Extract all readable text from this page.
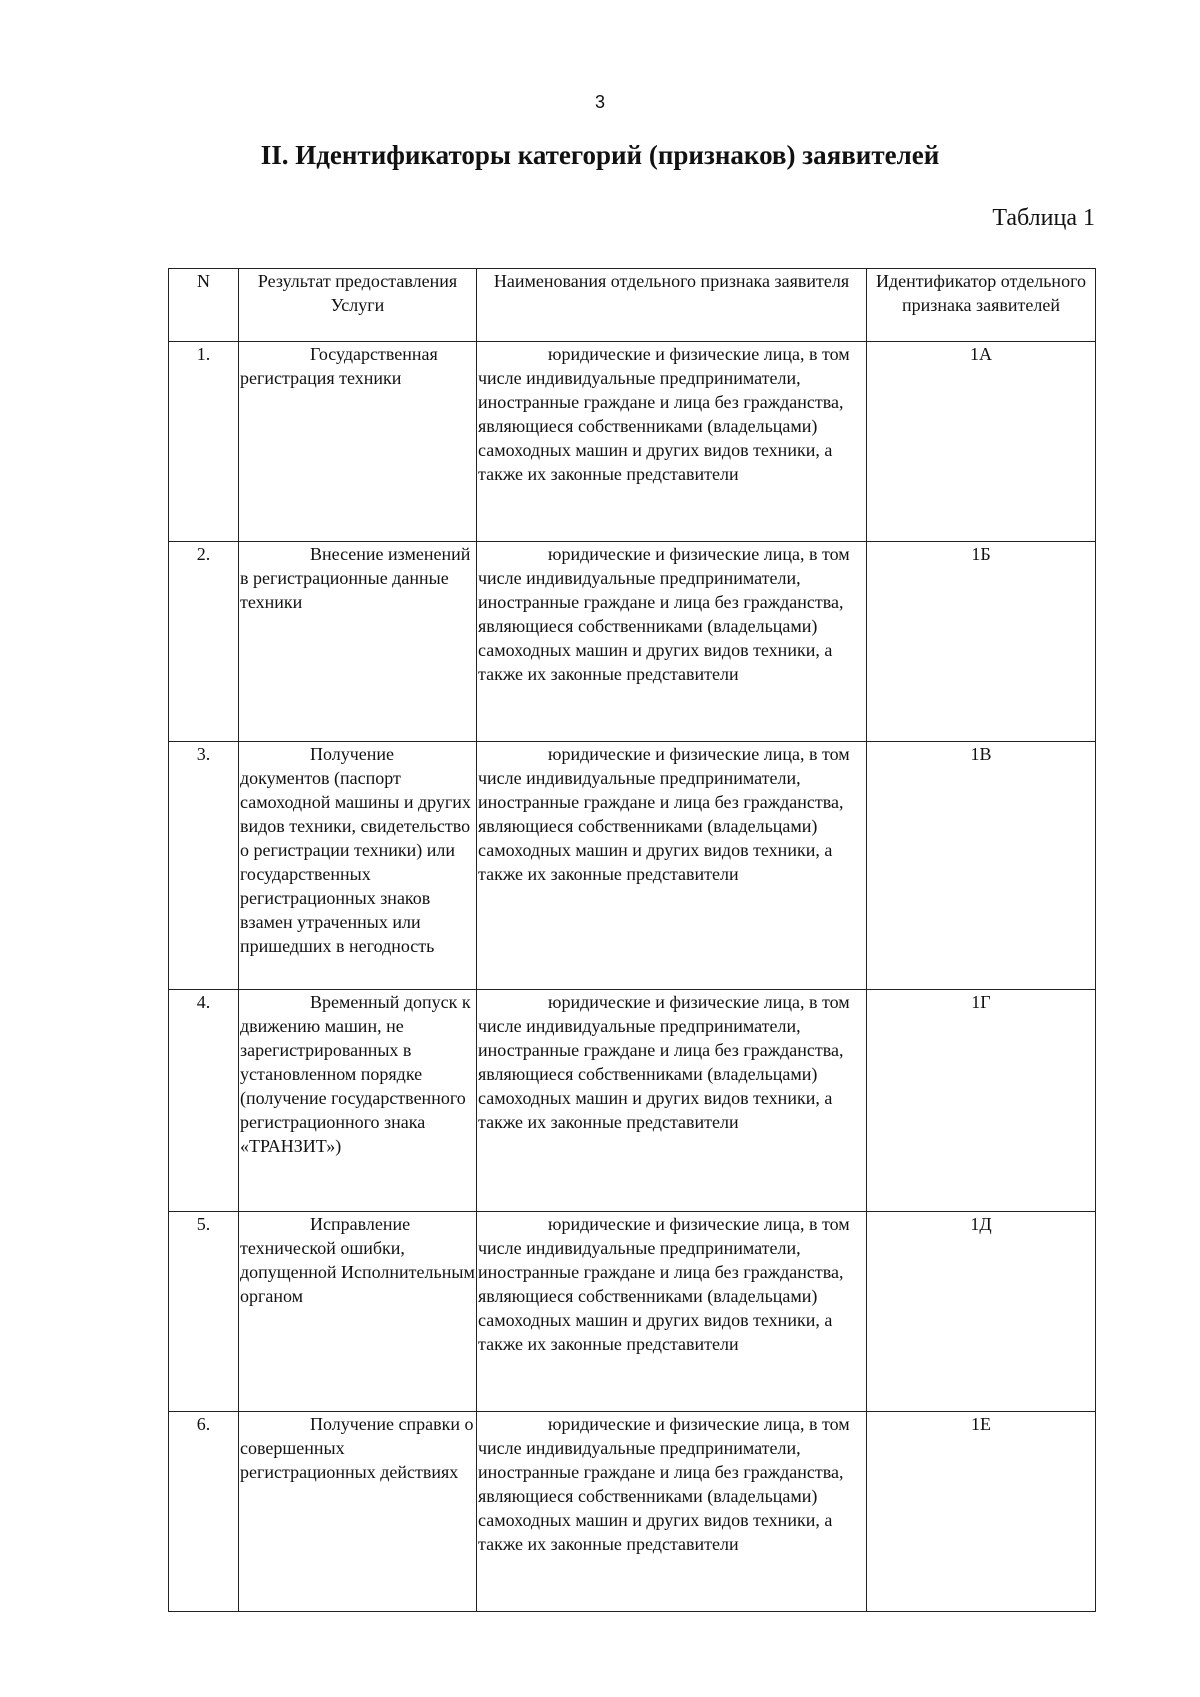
3
II. Идентификаторы категорий (признаков) заявителей
Таблица 1
N	Результат предоставления Услуги	Наименования отдельного признака заявителя	Идентификатор отдельного признака заявителей
1.	Государственная регистрация техники	юридические и физические лица, в том числе индивидуальные предприниматели, иностранные граждане и лица без гражданства, являющиеся собственниками (владельцами) самоходных машин и других видов техники, а также их законные представители	1А
2.	Внесение изменений в регистрационные данные техники	юридические и физические лица, в том числе индивидуальные предприниматели, иностранные граждане и лица без гражданства, являющиеся собственниками (владельцами) самоходных машин и других видов техники, а также их законные представители	1Б
3.	Получение документов (паспорт самоходной машины и других видов техники, свидетельство о регистрации техники) или государственных регистрационных знаков взамен утраченных или пришедших в негодность	юридические и физические лица, в том числе индивидуальные предприниматели, иностранные граждане и лица без гражданства, являющиеся собственниками (владельцами) самоходных машин и других видов техники, а также их законные представители	1В
4.	Временный допуск к движению машин, не зарегистрированных в установленном порядке (получение государственного регистрационного знака «ТРАНЗИТ»)	юридические и физические лица, в том числе индивидуальные предприниматели, иностранные граждане и лица без гражданства, являющиеся собственниками (владельцами) самоходных машин и других видов техники, а также их законные представители	1Г
5.	Исправление технической ошибки, допущенной Исполнительным органом	юридические и физические лица, в том числе индивидуальные предприниматели, иностранные граждане и лица без гражданства, являющиеся собственниками (владельцами) самоходных машин и других видов техники, а также их законные представители	1Д
6.	Получение справки о совершенных регистрационных действиях	юридические и физические лица, в том числе индивидуальные предприниматели, иностранные граждане и лица без гражданства, являющиеся собственниками (владельцами) самоходных машин и других видов техники, а также их законные представители	1Е
